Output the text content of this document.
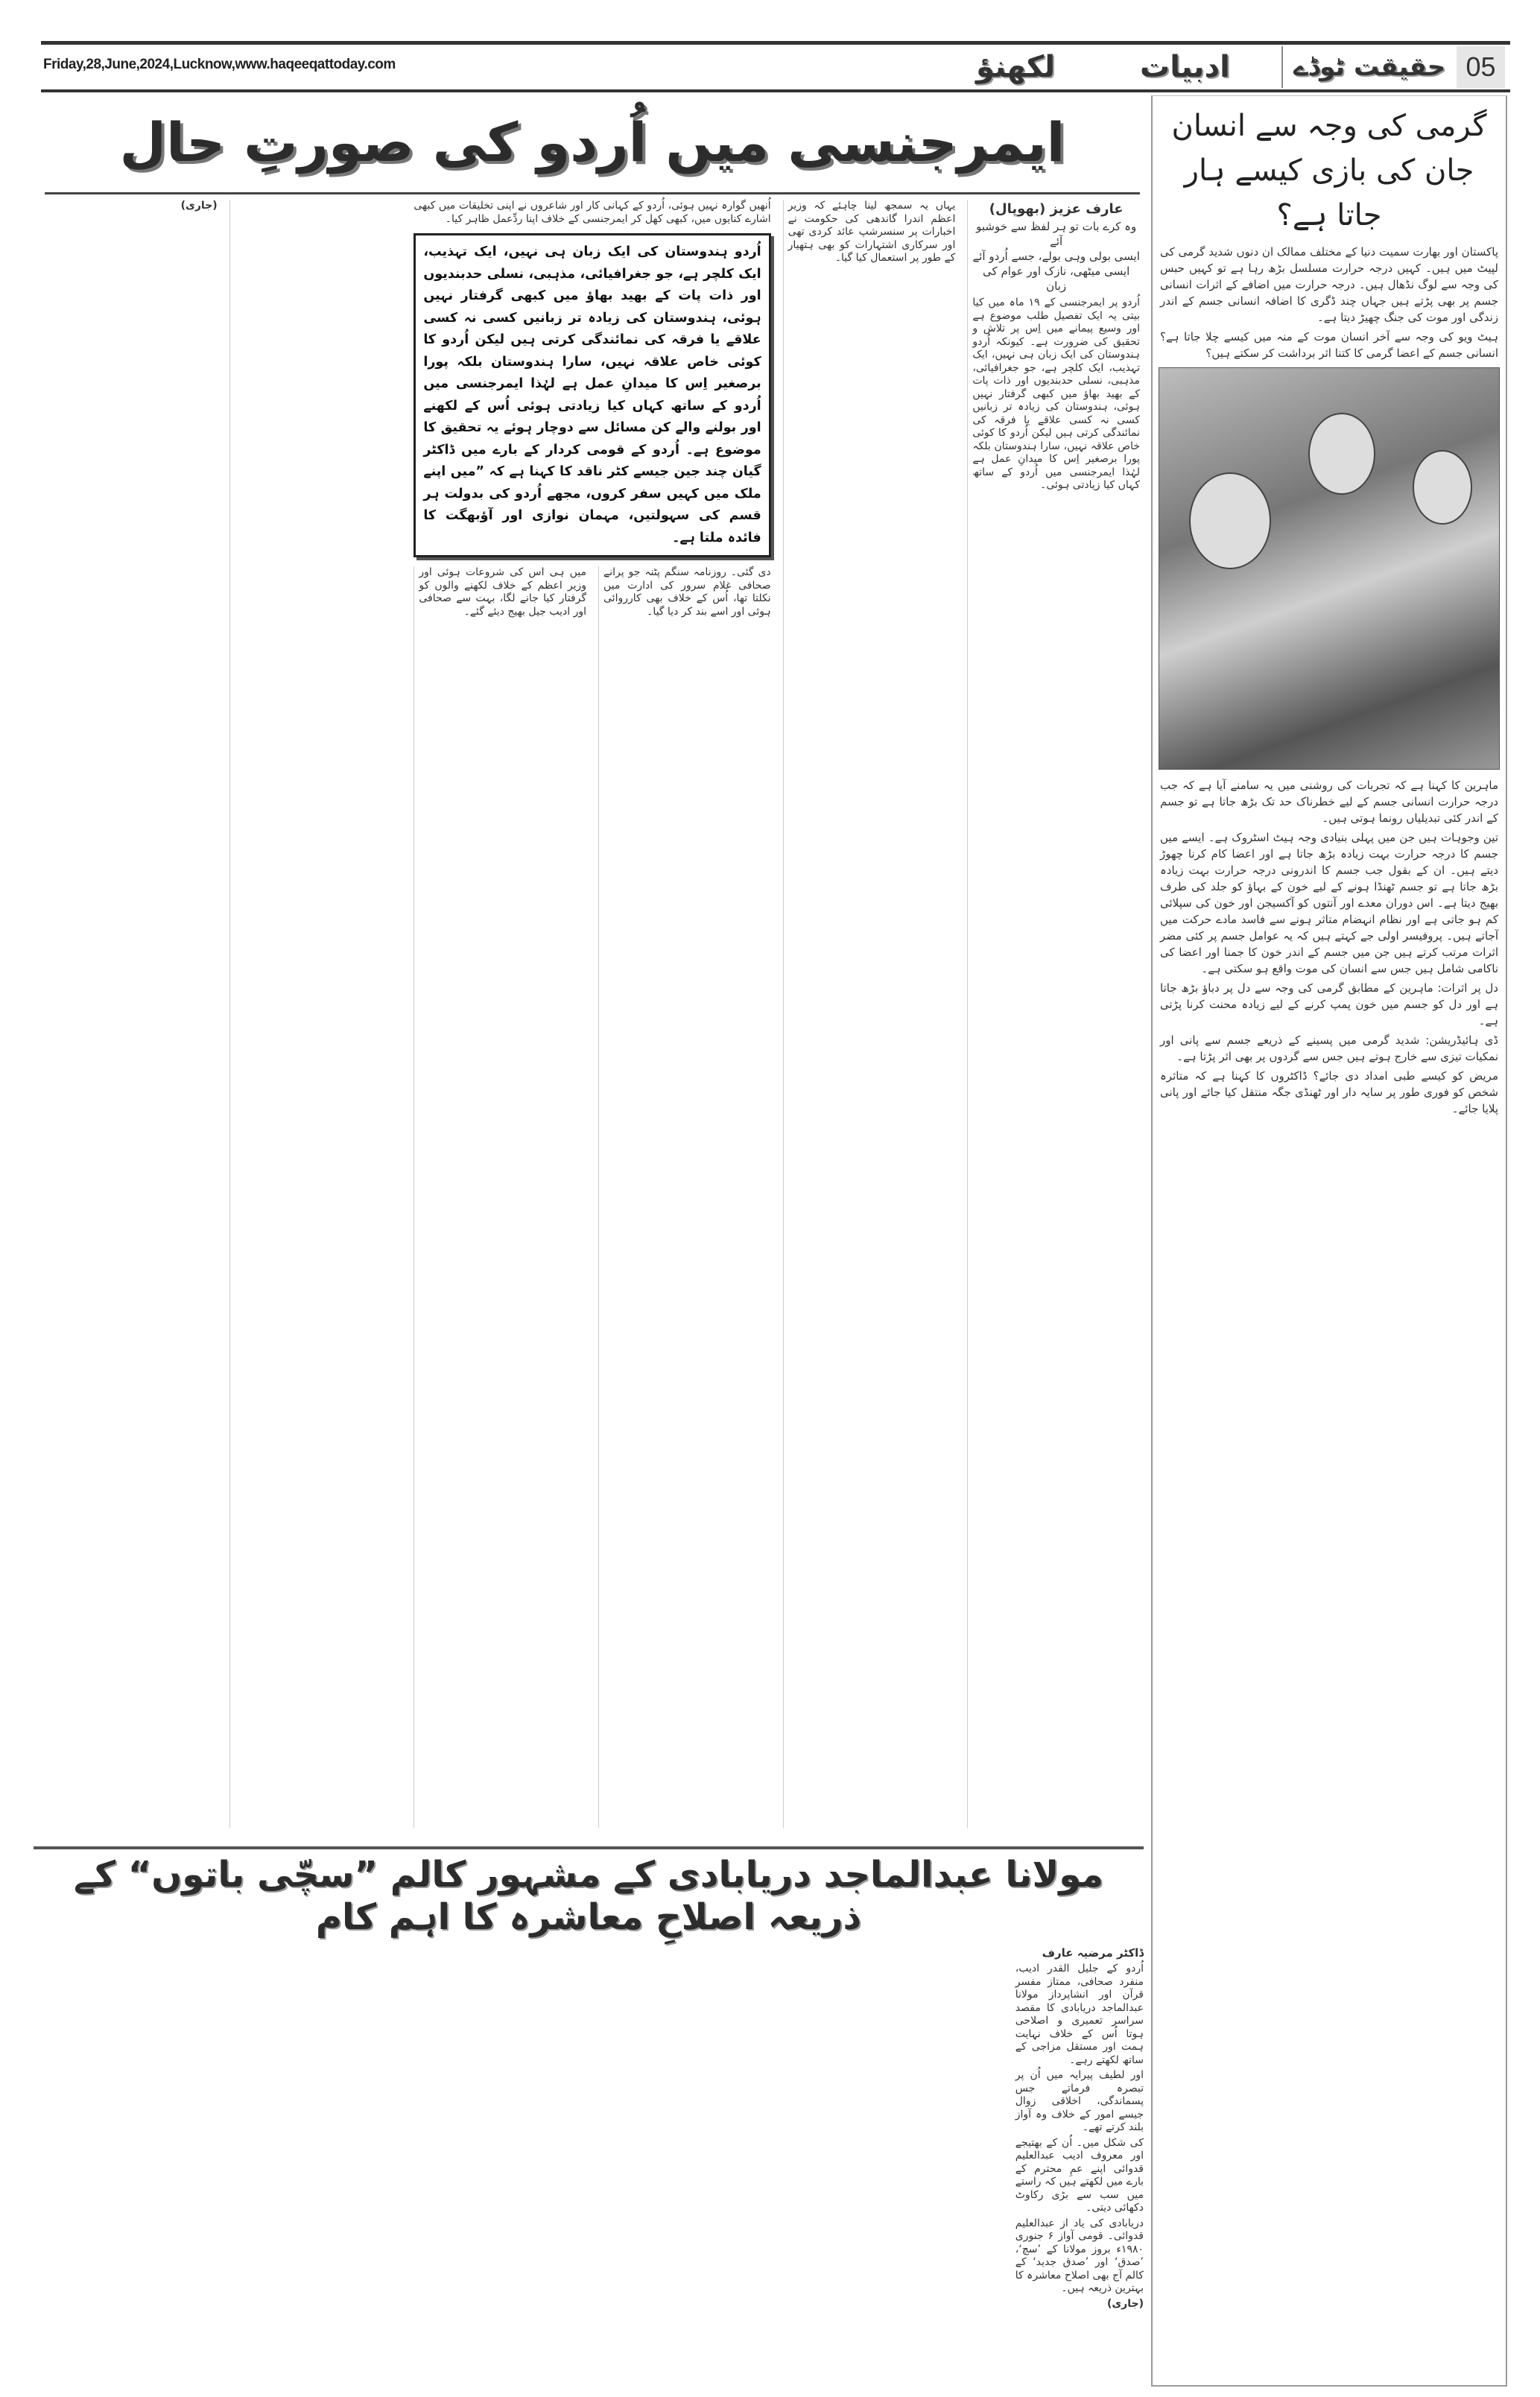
Friday,28,June,2024,Lucknow,www.haqeeqattoday.com	لکھنؤ	ادبیات	حقیقت ٹوڈے 05
ایمرجنسی میں اُردو کی صورتِ حال
عارف عزیز (بھوپال)
وہ کرے بات تو ہر لفظ سے خوشبو آئے
ایسی بولی وہی بولے، جسے اُردو آئے
ایسی میٹھی، نازک اور عوام کی زبان

اُردو پر ایمرجنسی کے ۱۹ ماہ میں کیا بیتی یہ ایک تفصیل طلب موضوع ہے اور وسیع پیمانے میں اِس پر تلاش و تحقیق کی ضرورت ہے۔ کیونکہ اُردو ہندوستان کی ایک زبان ہی نہیں، ایک تہذیب، ایک کلچر ہے، جو جغرافیائی، مذہبی، نسلی حدبندیوں اور ذات پات کے بھید بھاؤ میں کبھی گرفتار نہیں ہوئی، ہندوستان کی زیادہ تر زبانیں کسی نہ کسی علاقے یا فرقہ کی نمائندگی کرتی ہیں لیکن اُردو کا کوئی خاص علاقہ نہیں، سارا ہندوستان بلکہ پورا برصغیر اِس کا میدانِ عمل ہے لہٰذا ایمرجنسی میں اُردو کے ساتھ کہاں کیا زیادتی ہوئی۔

یہاں یہ سمجھ لینا چاہئے کہ وزیر اعظم اندرا گاندھی کی حکومت نے اخبارات پر سنسرشپ عائد کردی تھی اور سرکاری اشتہارات کو بھی ہتھیار کے طور پر استعمال کیا گیا۔

اُنھیں گوارہ نہیں ہوئی، اُردو کے کہانی کار اور شاعروں نے اپنی تخلیقات میں کبھی اشارے کنایوں میں، کبھی کھل کر ایمرجنسی کے خلاف اپنا ردِّعمل ظاہر کیا۔

اُردو ہندوستان کی ایک زبان ہی نہیں، ایک تہذیب، ایک کلچر ہے، جو جغرافیائی، مذہبی، نسلی حدبندیوں اور ذات پات کے بھید بھاؤ میں کبھی گرفتار نہیں ہوئی، ہندوستان کی زیادہ تر زبانیں کسی نہ کسی علاقے یا فرقہ کی نمائندگی کرتی ہیں لیکن اُردو کا کوئی خاص علاقہ نہیں، سارا ہندوستان بلکہ پورا برصغیر اِس کا میدانِ عمل ہے لہٰذا ایمرجنسی میں اُردو کے ساتھ کہاں کیا زیادتی ہوئی اُس کے لکھنے اور بولنے والے کن مسائل سے دوچار ہوئے یہ تحقیق کا موضوع ہے۔ اُردو کے قومی کردار کے بارے میں ڈاکٹر گیان چند جین جیسے کٹر ناقد کا کہنا ہے کہ ”میں اپنے ملک میں کہیں سفر کروں، مجھے اُردو کی بدولت ہر قسم کی سہولتیں، مہمان نوازی اور آؤبھگت کا فائدہ ملتا ہے۔

دی گئی۔ روزنامہ سنگم پٹنہ جو پرانے صحافی غلام سرور کی ادارت میں نکلتا تھا، اُس کے خلاف بھی کارروائی ہوئی اور اسے بند کر دیا گیا۔

میں ہی اس کی شروعات ہوئی اور وزیر اعظم کے خلاف لکھنے والوں کو گرفتار کیا جانے لگا، بہت سے صحافی اور ادیب جیل بھیج دیئے گئے۔

(جاری)

گرمی کی وجہ سے انسان جان کی بازی کیسے ہار جاتا ہے؟

پاکستان اور بھارت سمیت دنیا کے مختلف ممالک ان دنوں شدید گرمی کی لپیٹ میں ہیں۔ کہیں درجہ حرارت مسلسل بڑھ رہا ہے تو کہیں حبس کی وجہ سے لوگ نڈھال ہیں۔ درجہ حرارت میں اضافے کے اثرات انسانی جسم پر بھی پڑتے ہیں جہاں چند ڈگری کا اضافہ انسانی جسم کے اندر زندگی اور موت کی جنگ چھیڑ دیتا ہے۔

ہیٹ ویو کی وجہ سے آخر انسان موت کے منہ میں کیسے چلا جاتا ہے؟ انسانی جسم کے اعضا گرمی کا کتنا اثر برداشت کر سکتے ہیں؟

ماہرین کا کہنا ہے کہ تجربات کی روشنی میں یہ سامنے آیا ہے کہ جب درجہ حرارت انسانی جسم کے لیے خطرناک حد تک بڑھ جاتا ہے تو جسم کے اندر کئی تبدیلیاں رونما ہوتی ہیں۔

تین وجوہات ہیں جن میں پہلی بنیادی وجہ ہیٹ اسٹروک ہے۔ ایسے میں جسم کا درجہ حرارت بہت زیادہ بڑھ جاتا ہے اور اعضا کام کرنا چھوڑ دیتے ہیں۔ ان کے بقول جب جسم کا اندرونی درجہ حرارت بہت زیادہ بڑھ جاتا ہے تو جسم ٹھنڈا ہونے کے لیے خون کے بہاؤ کو جلد کی طرف بھیج دیتا ہے۔ اس دوران معدے اور آنتوں کو آکسیجن اور خون کی سپلائی کم ہو جاتی ہے اور نظام انہضام متاثر ہونے سے فاسد مادے حرکت میں آجاتے ہیں۔ پروفیسر اولی جے کہتے ہیں کہ یہ عوامل جسم پر کئی مضر اثرات مرتب کرتے ہیں جن میں جسم کے اندر خون کا جمنا اور اعضا کی ناکامی شامل ہیں جس سے انسان کی موت واقع ہو سکتی ہے۔

دل پر اثرات: ماہرین کے مطابق گرمی کی وجہ سے دل پر دباؤ بڑھ جاتا ہے اور دل کو جسم میں خون پمپ کرنے کے لیے زیادہ محنت کرنا پڑتی ہے۔

ڈی ہائیڈریشن: شدید گرمی میں پسینے کے ذریعے جسم سے پانی اور نمکیات تیزی سے خارج ہوتے ہیں جس سے گردوں پر بھی اثر پڑتا ہے۔

مریض کو کیسے طبی امداد دی جائے؟ ڈاکٹروں کا کہنا ہے کہ متاثرہ شخص کو فوری طور پر سایہ دار اور ٹھنڈی جگہ منتقل کیا جائے اور پانی پلایا جائے۔

مولانا عبدالماجد دریابادی کے مشہور کالم ”سچّی باتوں“ کے ذریعہ اصلاحِ معاشرہ کا اہم کام
ڈاکٹر مرضیہ عارف

اُردو کے جلیل القدر ادیب، منفرد صحافی، ممتاز مفسر قرآن اور انشاپرداز مولانا عبدالماجد دریابادی کا مقصد سراسر تعمیری و اصلاحی ہوتا اُس کے خلاف نہایت ہمت اور مستقل مزاجی کے ساتھ لکھتے رہے۔

اور لطیف پیرایہ میں اُن پر تبصرہ فرماتے جس پسماندگی، اخلاقی زوال جیسے امور کے خلاف وہ آواز بلند کرتے تھے۔

کی شکل میں۔ اُن کے بھتیجے اور معروف ادیب عبدالعلیم قدوائی اپنے عمِ محترم کے بارے میں لکھتے ہیں کہ راستے میں سب سے بڑی رکاوٹ دکھائی دیتی۔

دریابادی کی یاد از عبدالعلیم قدوائی۔ قومی آواز ۶ جنوری ۱۹۸۰ء بروز مولانا کے ’سچ‘، ’صدق‘ اور ’صدق جدید‘ کے کالم آج بھی اصلاح معاشرہ کا بہترین ذریعہ ہیں۔

(جاری)
